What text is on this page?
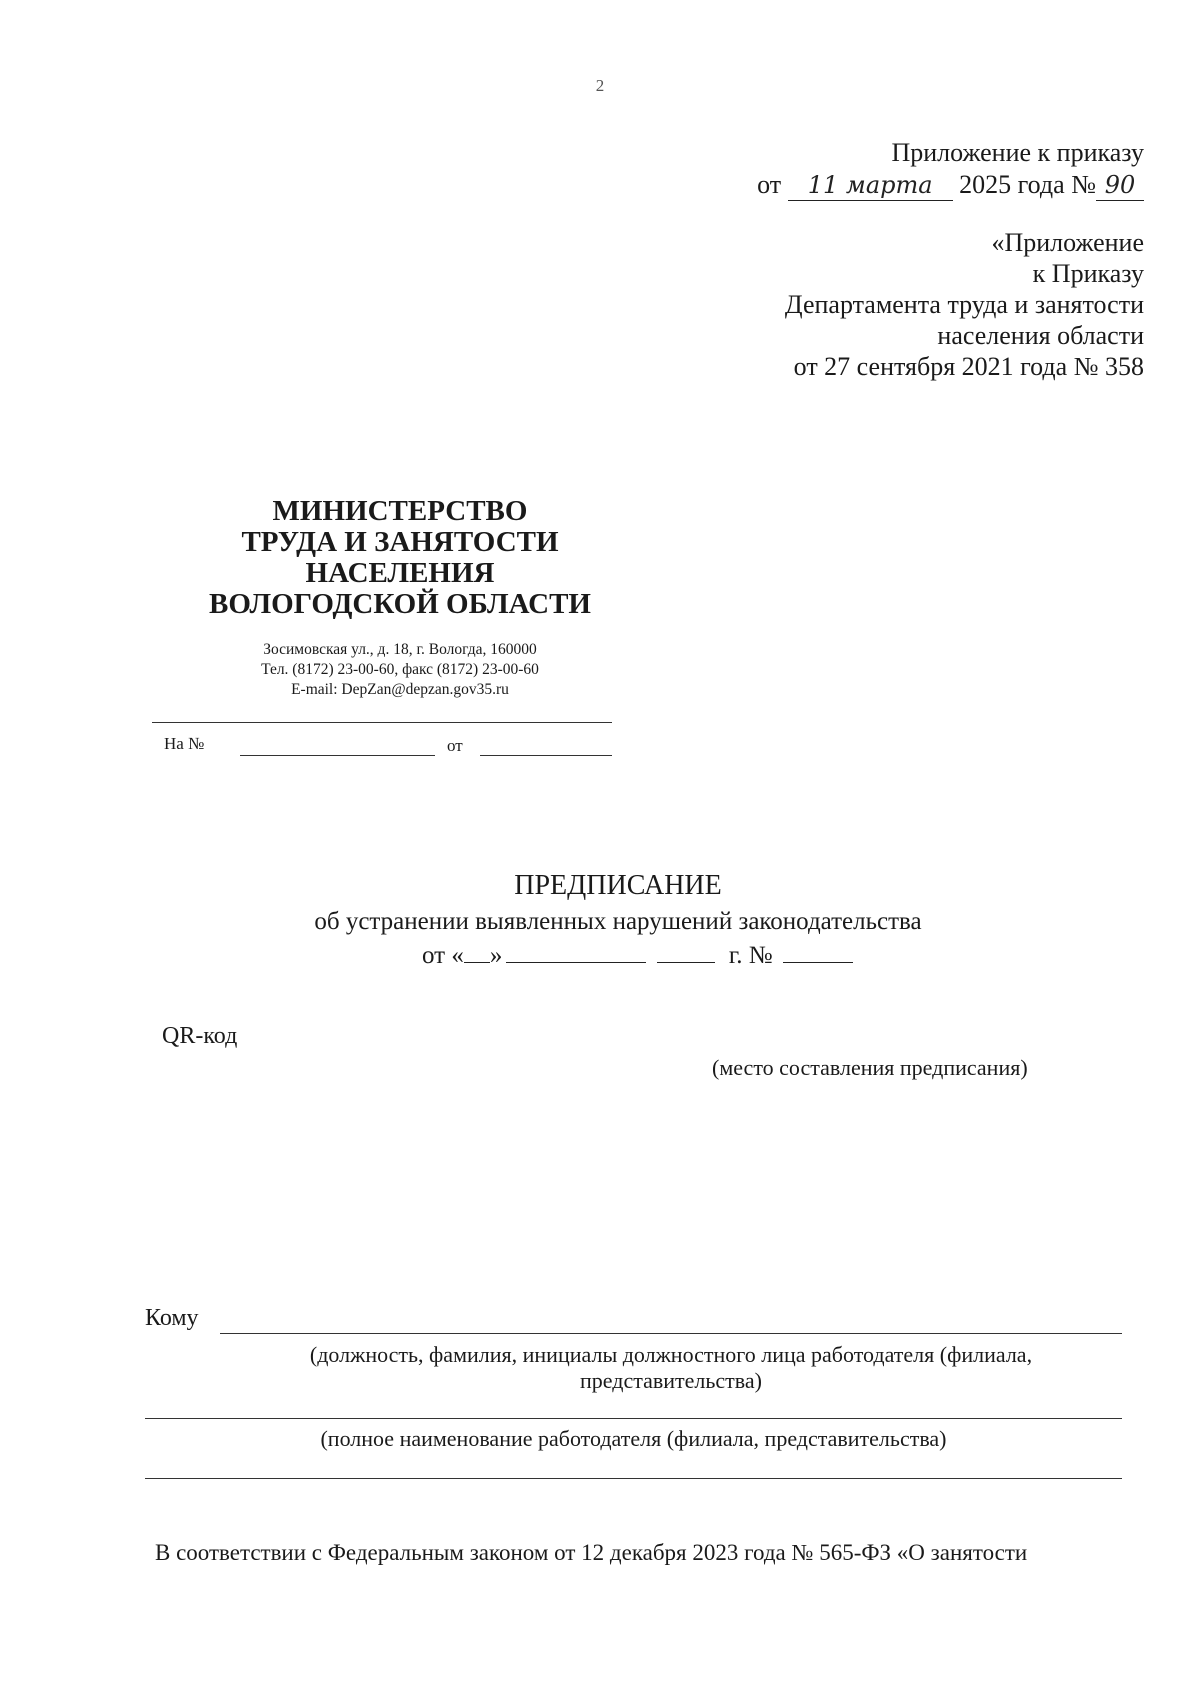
2
Приложение к приказу
от 11 марта 2025 года № 90
«Приложение
к Приказу
Департамента труда и занятости
населения области
от 27 сентября 2021 года № 358
МИНИСТЕРСТВО
ТРУДА И ЗАНЯТОСТИ
НАСЕЛЕНИЯ
ВОЛОГОДСКОЙ ОБЛАСТИ
Зосимовская ул., д. 18, г. Вологда, 160000
Тел. (8172) 23-00-60, факс (8172) 23-00-60
E-mail: DepZan@depzan.gov35.ru
На №	от
ПРЕДПИСАНИЕ
об устранении выявленных нарушений законодательства
от « »	г. №
QR-код
(место составления предписания)
Кому
(должность, фамилия, инициалы должностного лица работодателя (филиала,
представительства)
(полное наименование работодателя (филиала, представительства)
В соответствии с Федеральным законом от 12 декабря 2023 года № 565-ФЗ «О занятости
